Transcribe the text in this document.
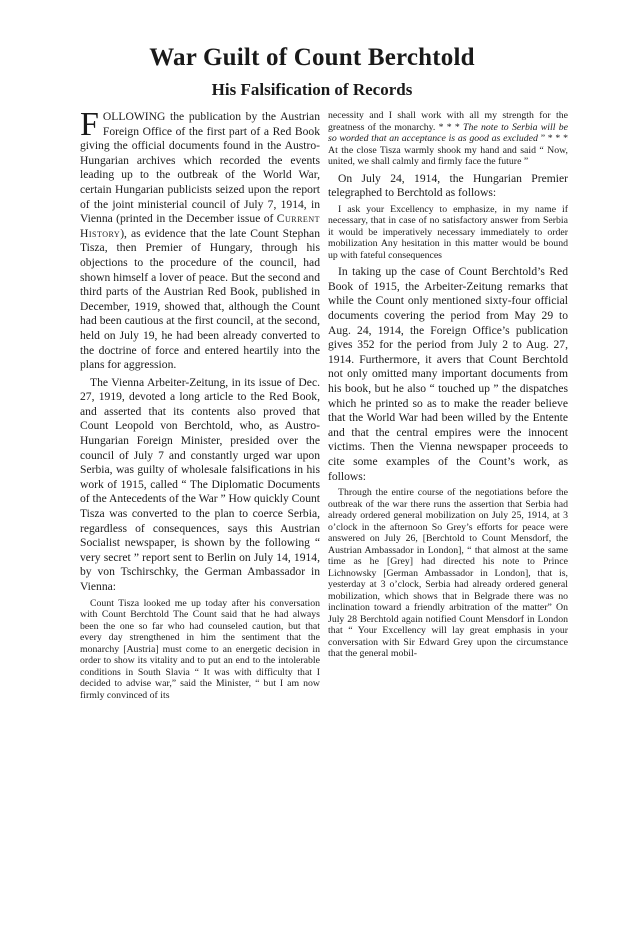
War Guilt of Count Berchtold
His Falsification of Records

FOLLOWING the publication by the Austrian Foreign Office of the first part of a Red Book giving the official documents found in the Austro-Hungarian archives which recorded the events leading up to the outbreak of the World War, certain Hungarian publicists seized upon the report of the joint ministerial council of July 7, 1914, in Vienna (printed in the December issue of Current History), as evidence that the late Count Stephan Tisza, then Premier of Hungary, through his objections to the procedure of the council, had shown himself a lover of peace. But the second and third parts of the Austrian Red Book, published in December, 1919, showed that, although the Count had been cautious at the first council, at the second, held on July 19, he had been already converted to the doctrine of force and entered heartily into the plans for aggression.

The Vienna Arbeiter-Zeitung, in its issue of Dec. 27, 1919, devoted a long article to the Red Book, and asserted that its contents also proved that Count Leopold von Berchtold, who, as Austro-Hungarian Foreign Minister, presided over the council of July 7 and constantly urged war upon Serbia, was guilty of wholesale falsifications in his work of 1915, called “ The Diplomatic Documents of the Antecedents of the War ” How quickly Count Tisza was converted to the plan to coerce Serbia, regardless of consequences, says this Austrian Socialist newspaper, is shown by the following “ very secret ” report sent to Berlin on July 14, 1914, by von Tschirschky, the German Ambassador in Vienna:

Count Tisza looked me up today after his conversation with Count Berchtold The Count said that he had always been the one so far who had counseled caution, but that every day strengthened in him the sentiment that the monarchy [Austria] must come to an energetic decision in order to show its vitality and to put an end to the intolerable conditions in South Slavia “ It was with difficulty that I decided to advise war,” said the Minister, “ but I am now firmly convinced of its

necessity and I shall work with all my strength for the greatness of the monarchy. * * * The note to Serbia will be so worded that an acceptance is as good as excluded ” * * * At the close Tisza warmly shook my hand and said “ Now, united, we shall calmly and firmly face the future ”

On July 24, 1914, the Hungarian Premier telegraphed to Berchtold as follows:

I ask your Excellency to emphasize, in my name if necessary, that in case of no satisfactory answer from Serbia it would be imperatively necessary immediately to order mobilization Any hesitation in this matter would be bound up with fateful consequences

In taking up the case of Count Berchtold’s Red Book of 1915, the Arbeiter-Zeitung remarks that while the Count only mentioned sixty-four official documents covering the period from May 29 to Aug. 24, 1914, the Foreign Office’s publication gives 352 for the period from July 2 to Aug. 27, 1914. Furthermore, it avers that Count Berchtold not only omitted many important documents from his book, but he also “ touched up ” the dispatches which he printed so as to make the reader believe that the World War had been willed by the Entente and that the central empires were the innocent victims. Then the Vienna newspaper proceeds to cite some examples of the Count’s work, as follows:

Through the entire course of the negotiations before the outbreak of the war there runs the assertion that Serbia had already ordered general mobilization on July 25, 1914, at 3 o’clock in the afternoon So Grey’s efforts for peace were answered on July 26, [Berchtold to Count Mensdorf, the Austrian Ambassador in London], “ that almost at the same time as he [Grey] had directed his note to Prince Lichnowsky [German Ambassador in London], that is, yesterday at 3 o’clock, Serbia had already ordered general mobilization, which shows that in Belgrade there was no inclination toward a friendly arbitration of the matter” On July 28 Berchtold again notified Count Mensdorf in London that “ Your Excellency will lay great emphasis in your conversation with Sir Edward Grey upon the circumstance that the general mobil-
